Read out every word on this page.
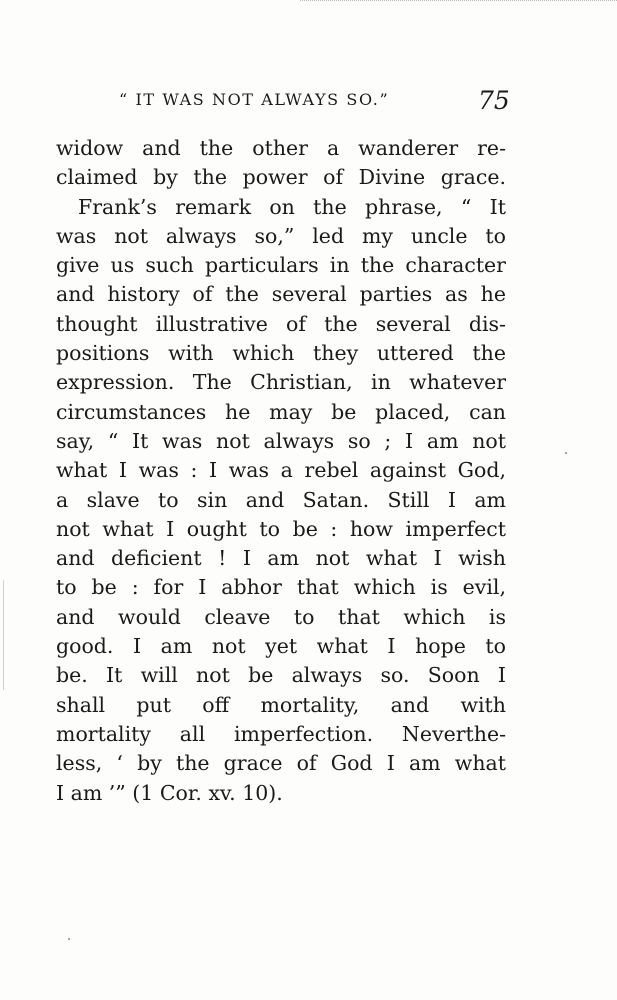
“ IT WAS NOT ALWAYS SO.”	75
widow and the other a wanderer re-
claimed by the power of Divine grace.
Frank’s remark on the phrase, “ It
was not always so,” led my uncle to
give us such particulars in the character
and history of the several parties as he
thought illustrative of the several dis-
positions with which they uttered the
expression. The Christian, in whatever
circumstances he may be placed, can
say, “ It was not always so ; I am not
what I was : I was a rebel against God,
a slave to sin and Satan. Still I am
not what I ought to be : how imperfect
and deficient ! I am not what I wish
to be : for I abhor that which is evil,
and would cleave to that which is
good. I am not yet what I hope to
be. It will not be always so. Soon I
shall put off mortality, and with
mortality all imperfection. Neverthe-
less, ‘ by the grace of God I am what
I am ’” (1 Cor. xv. 10).
